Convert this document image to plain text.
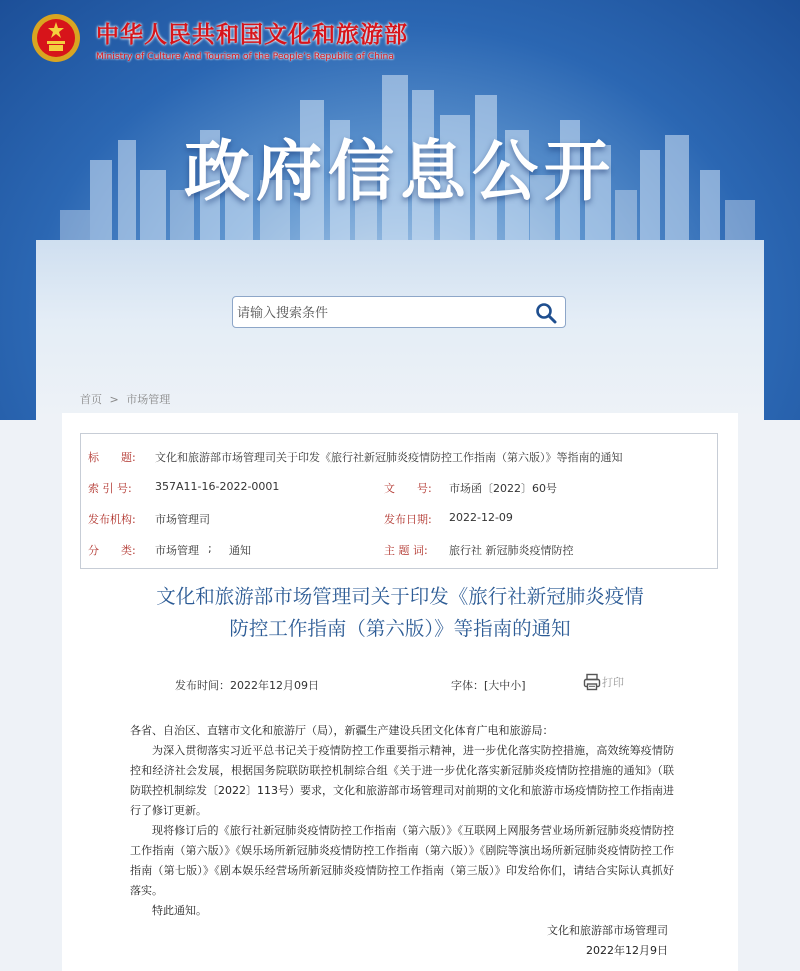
中华人民共和国文化和旅游部
Ministry of Culture And Tourism of the People’s Republic of China
政府信息公开
请输入搜索条件
首页 > 市场管理
标　　题: 文化和旅游部市场管理司关于印发《旅行社新冠肺炎疫情防控工作指南（第六版）》等指南的通知
索 引 号: 357A11-16-2022-0001	文　　号: 市场函〔2022〕60号
发布机构: 市场管理司	发布日期: 2022-12-09
分　　类: 市场管理 ; 通知	主 题 词: 旅行社 新冠肺炎疫情防控
文化和旅游部市场管理司关于印发《旅行社新冠肺炎疫情
防控工作指南（第六版）》等指南的通知
发布时间：2022年12月09日	字体：[大中小]	打印

各省、自治区、直辖市文化和旅游厅（局），新疆生产建设兵团文化体育广电和旅游局：

为深入贯彻落实习近平总书记关于疫情防控工作重要指示精神，进一步优化落实防控措施，高效统筹疫情防控和经济社会发展，根据国务院联防联控机制综合组《关于进一步优化落实新冠肺炎疫情防控措施的通知》（联防联控机制综发〔2022〕113号）要求，文化和旅游部市场管理司对前期的文化和旅游市场疫情防控工作指南进行了修订更新。

现将修订后的《旅行社新冠肺炎疫情防控工作指南（第六版）》《互联网上网服务营业场所新冠肺炎疫情防控工作指南（第六版）》《娱乐场所新冠肺炎疫情防控工作指南（第六版）》《剧院等演出场所新冠肺炎疫情防控工作指南（第七版）》《剧本娱乐经营场所新冠肺炎疫情防控工作指南（第三版）》印发给你们，请结合实际认真抓好落实。

特此通知。

文化和旅游部市场管理司
2022年12月9日
